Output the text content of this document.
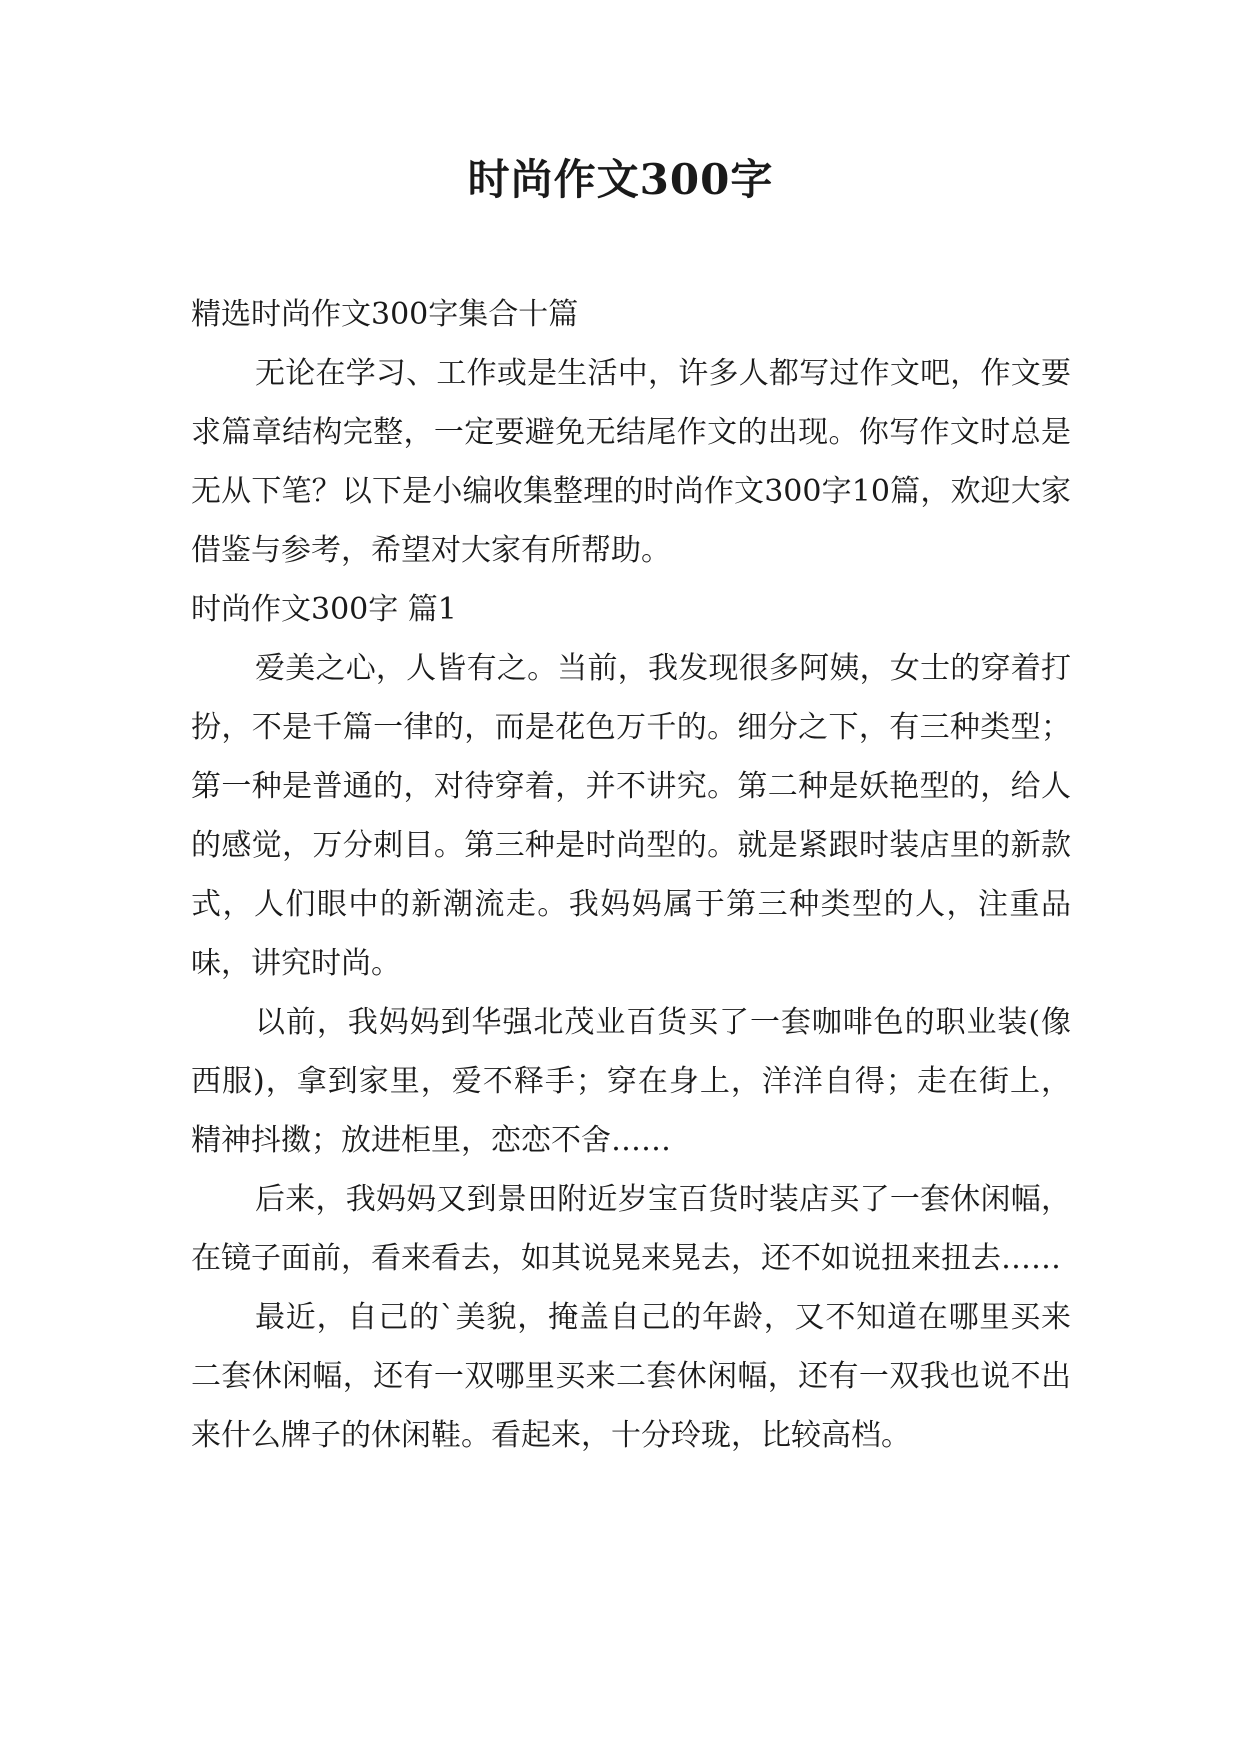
时尚作文300字

精选时尚作文300字集合十篇

无论在学习、工作或是生活中，许多人都写过作文吧，作文要求篇章结构完整，一定要避免无结尾作文的出现。你写作文时总是无从下笔？以下是小编收集整理的时尚作文300字10篇，欢迎大家借鉴与参考，希望对大家有所帮助。

时尚作文300字 篇1

爱美之心，人皆有之。当前，我发现很多阿姨，女士的穿着打扮，不是千篇一律的，而是花色万千的。细分之下，有三种类型；第一种是普通的，对待穿着，并不讲究。第二种是妖艳型的，给人的感觉，万分刺目。第三种是时尚型的。就是紧跟时装店里的新款式，人们眼中的新潮流走。我妈妈属于第三种类型的人，注重品味，讲究时尚。

以前，我妈妈到华强北茂业百货买了一套咖啡色的职业装(像西服)，拿到家里，爱不释手；穿在身上，洋洋自得；走在街上，精神抖擞；放进柜里，恋恋不舍……

后来，我妈妈又到景田附近岁宝百货时装店买了一套休闲幅，在镜子面前，看来看去，如其说晃来晃去，还不如说扭来扭去……

最近，自己的`美貌，掩盖自己的年龄，又不知道在哪里买来二套休闲幅，还有一双哪里买来二套休闲幅，还有一双我也说不出来什么牌子的休闲鞋。看起来，十分玲珑，比较高档。
